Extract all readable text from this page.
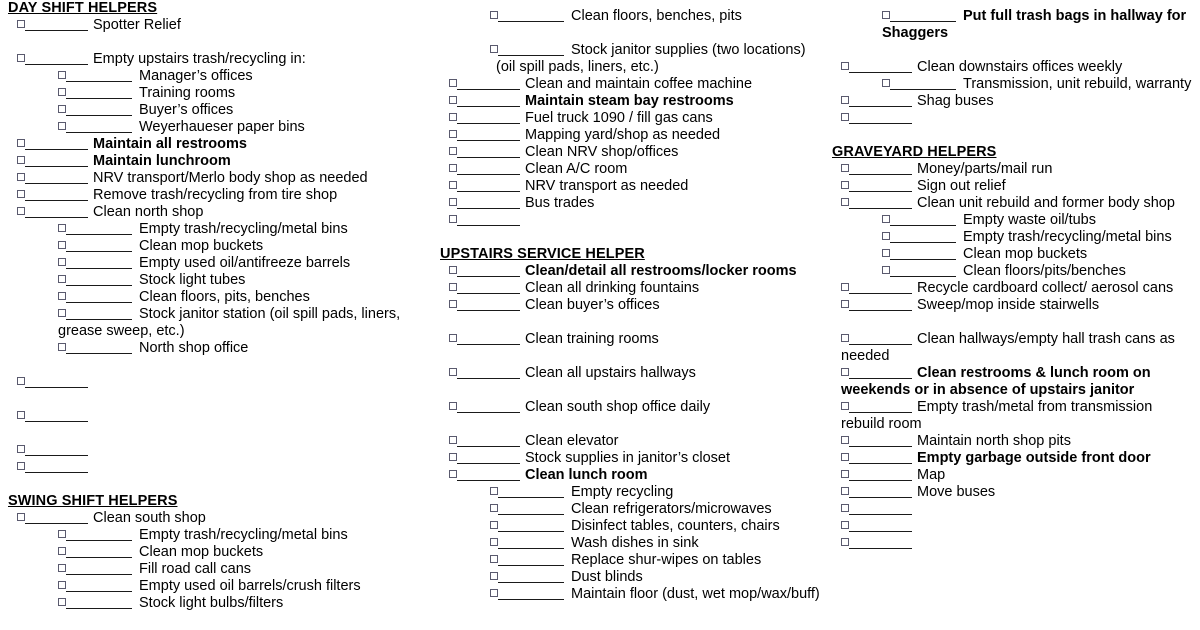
DAY SHIFT HELPERS
Spotter Relief
Empty upstairs trash/recycling in:
Manager’s offices
Training rooms
Buyer’s offices
Weyerhaueser paper bins
Maintain all restrooms
Maintain lunchroom
NRV transport/Merlo body shop as needed
Remove trash/recycling from tire shop
Clean north shop
Empty trash/recycling/metal bins
Clean mop buckets
Empty used oil/antifreeze barrels
Stock light tubes
Clean floors, pits, benches
Stock janitor station (oil spill pads, liners, grease sweep, etc.)
North shop office
SWING SHIFT HELPERS
Clean south shop
Empty trash/recycling/metal bins
Clean mop buckets
Fill road call cans
Empty used oil barrels/crush filters
Stock light bulbs/filters
Clean floors, benches, pits
Stock janitor supplies (two locations)
(oil spill pads, liners, etc.)
Clean and maintain coffee machine
Maintain steam bay restrooms
Fuel truck 1090 / fill gas cans
Mapping yard/shop as needed
Clean NRV shop/offices
Clean A/C room
NRV transport as needed
Bus trades
UPSTAIRS SERVICE HELPER
Clean/detail all restrooms/locker rooms
Clean all drinking fountains
Clean buyer’s offices
Clean training rooms
Clean all upstairs hallways
Clean south shop office daily
Clean elevator
Stock supplies in janitor’s closet
Clean lunch room
Empty recycling
Clean refrigerators/microwaves
Disinfect tables, counters, chairs
Wash dishes in sink
Replace shur-wipes on tables
Dust blinds
Maintain floor (dust, wet mop/wax/buff)
Put full trash bags in hallway for Shaggers
Clean downstairs offices weekly
Transmission, unit rebuild, warranty
Shag buses
GRAVEYARD HELPERS
Money/parts/mail run
Sign out relief
Clean unit rebuild and former body shop
Empty waste oil/tubs
Empty trash/recycling/metal bins
Clean mop buckets
Clean floors/pits/benches
Recycle cardboard collect/ aerosol cans
Sweep/mop inside stairwells
Clean hallways/empty hall trash cans as needed
Clean restrooms & lunch room on weekends or in absence of upstairs janitor
Empty trash/metal from transmission rebuild room
Maintain north shop pits
Empty garbage outside front door
Map
Move buses
